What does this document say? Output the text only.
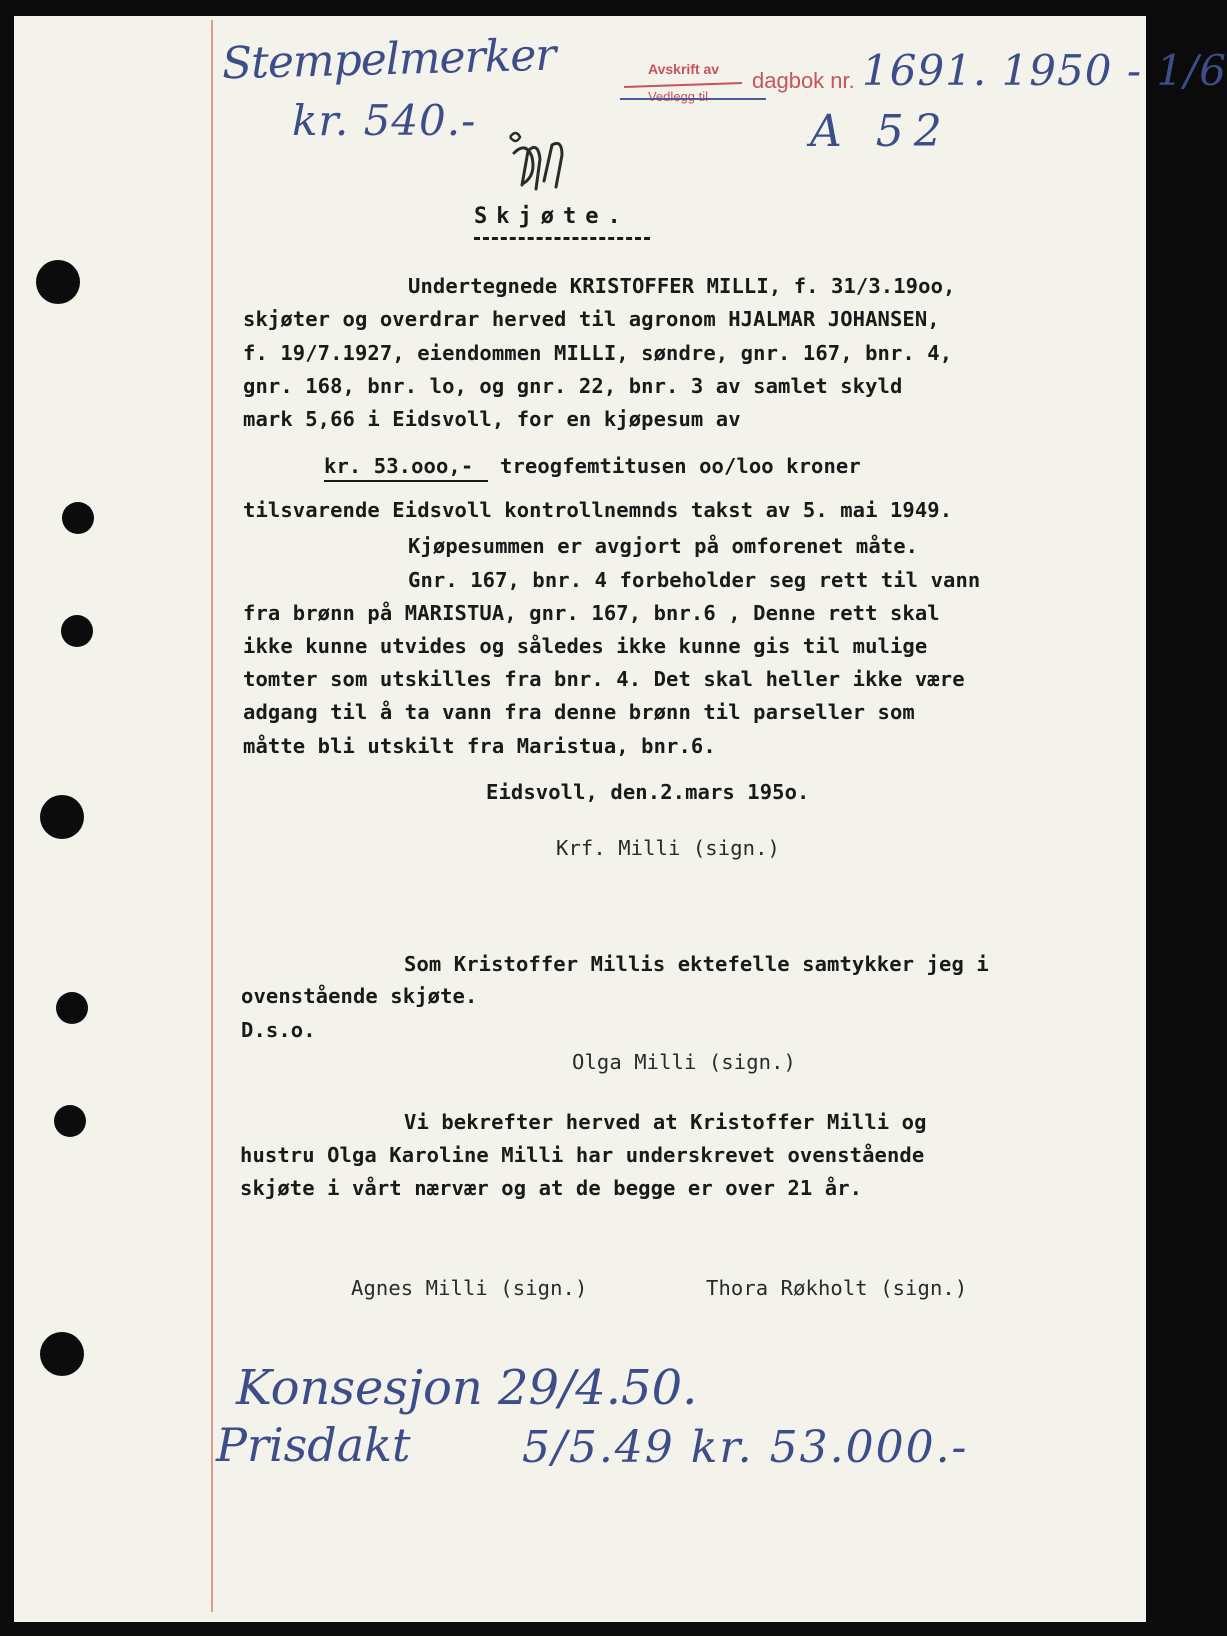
Stempelmerker
kr. 540.-
Avskrift av
Vedlegg til
dagbok nr. 1691. 1950 - 1/6
A 52
Skjøte.
Undertegnede KRISTOFFER MILLI, f. 31/3.19oo,
skjøter og overdrar herved til agronom HJALMAR JOHANSEN,
f. 19/7.1927, eiendommen MILLI, søndre, gnr. 167, bnr. 4,
gnr. 168, bnr. lo, og gnr. 22, bnr. 3 av samlet skyld
mark 5,66 i Eidsvoll, for en kjøpesum av
kr. 53.ooo,- treogfemtitusen oo/loo kroner
tilsvarende Eidsvoll kontrollnemnds takst av 5. mai 1949.
Kjøpesummen er avgjort på omforenet måte.
Gnr. 167, bnr. 4 forbeholder seg rett til vann
fra brønn på MARISTUA, gnr. 167, bnr.6 , Denne rett skal
ikke kunne utvides og således ikke kunne gis til mulige
tomter som utskilles fra bnr. 4. Det skal heller ikke være
adgang til å ta vann fra denne brønn til parseller som
måtte bli utskilt fra Maristua, bnr.6.
Eidsvoll, den.2.mars 195o.
Krf. Milli (sign.)
Som Kristoffer Millis ektefelle samtykker jeg i
ovenstående skjøte.
D.s.o.
Olga Milli (sign.)
Vi bekrefter herved at Kristoffer Milli og
hustru Olga Karoline Milli har underskrevet ovenstående
skjøte i vårt nærvær og at de begge er over 21 år.
Agnes Milli (sign.)	Thora Røkholt (sign.)
Konsesjon 29/4.50.
Prisdakt	5/5.49 kr. 53.000.-
